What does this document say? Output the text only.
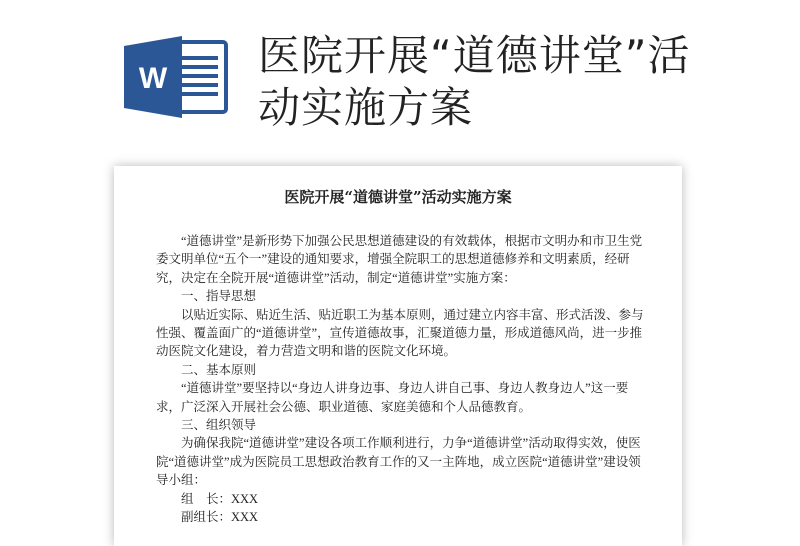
W 医院开展“道德讲堂”活动实施方案
医院开展“道德讲堂”活动实施方案

“道德讲堂”是新形势下加强公民思想道德建设的有效载体，根据市文明办和市卫生党委文明单位“五个一”建设的通知要求，增强全院职工的思想道德修养和文明素质，经研究，决定在全院开展“道德讲堂”活动，制定“道德讲堂”实施方案：

一、指导思想

以贴近实际、贴近生活、贴近职工为基本原则，通过建立内容丰富、形式活泼、参与性强、覆盖面广的“道德讲堂”，宣传道德故事，汇聚道德力量，形成道德风尚，进一步推动医院文化建设，着力营造文明和谐的医院文化环境。

二、基本原则

“道德讲堂”要坚持以“身边人讲身边事、身边人讲自己事、身边人教身边人”这一要求，广泛深入开展社会公德、职业道德、家庭美德和个人品德教育。

三、组织领导

为确保我院“道德讲堂”建设各项工作顺利进行，力争“道德讲堂”活动取得实效，使医院“道德讲堂”成为医院员工思想政治教育工作的又一主阵地，成立医院“道德讲堂”建设领导小组：

组　长：XXX

副组长：XXX
